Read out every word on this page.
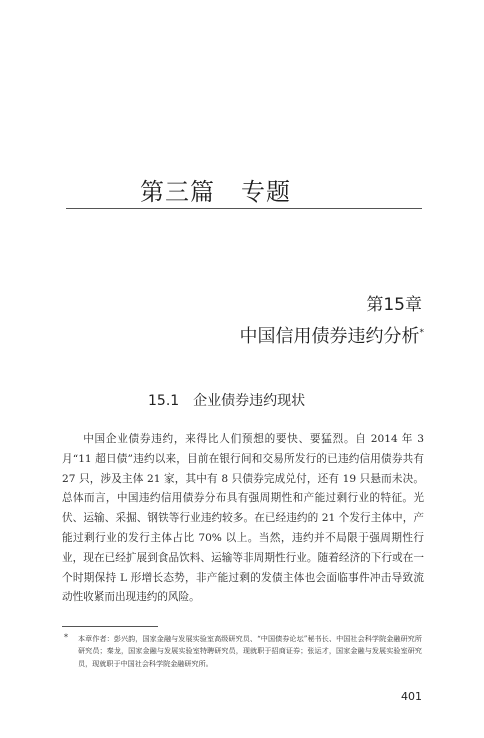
第三篇 专题
第15章
中国信用债券违约分析*
15.1 企业债券违约现状

中国企业债券违约，来得比人们预想的要快、要猛烈。自 2014 年 3 月“11 超日债”违约以来，目前在银行间和交易所发行的已违约信用债券共有 27 只，涉及主体 21 家，其中有 8 只债券完成兑付，还有 19 只悬而未决。总体而言，中国违约信用债券分布具有强周期性和产能过剩行业的特征。光伏、运输、采掘、钢铁等行业违约较多。在已经违约的 21 个发行主体中，产能过剩行业的发行主体占比 70% 以上。当然，违约并不局限于强周期性行业，现在已经扩展到食品饮料、运输等非周期性行业。随着经济的下行或在一个时期保持 L 形增长态势，非产能过剩的发债主体也会面临事件冲击导致流动性收紧而出现违约的风险。

* 本章作者：彭兴韵，国家金融与发展实验室高级研究员、“中国债券论坛”秘书长、中国社会科学院金融研究所研究员；秦龙，国家金融与发展实验室特聘研究员，现就职于招商证券；张运才，国家金融与发展实验室研究员，现就职于中国社会科学院金融研究所。

401
